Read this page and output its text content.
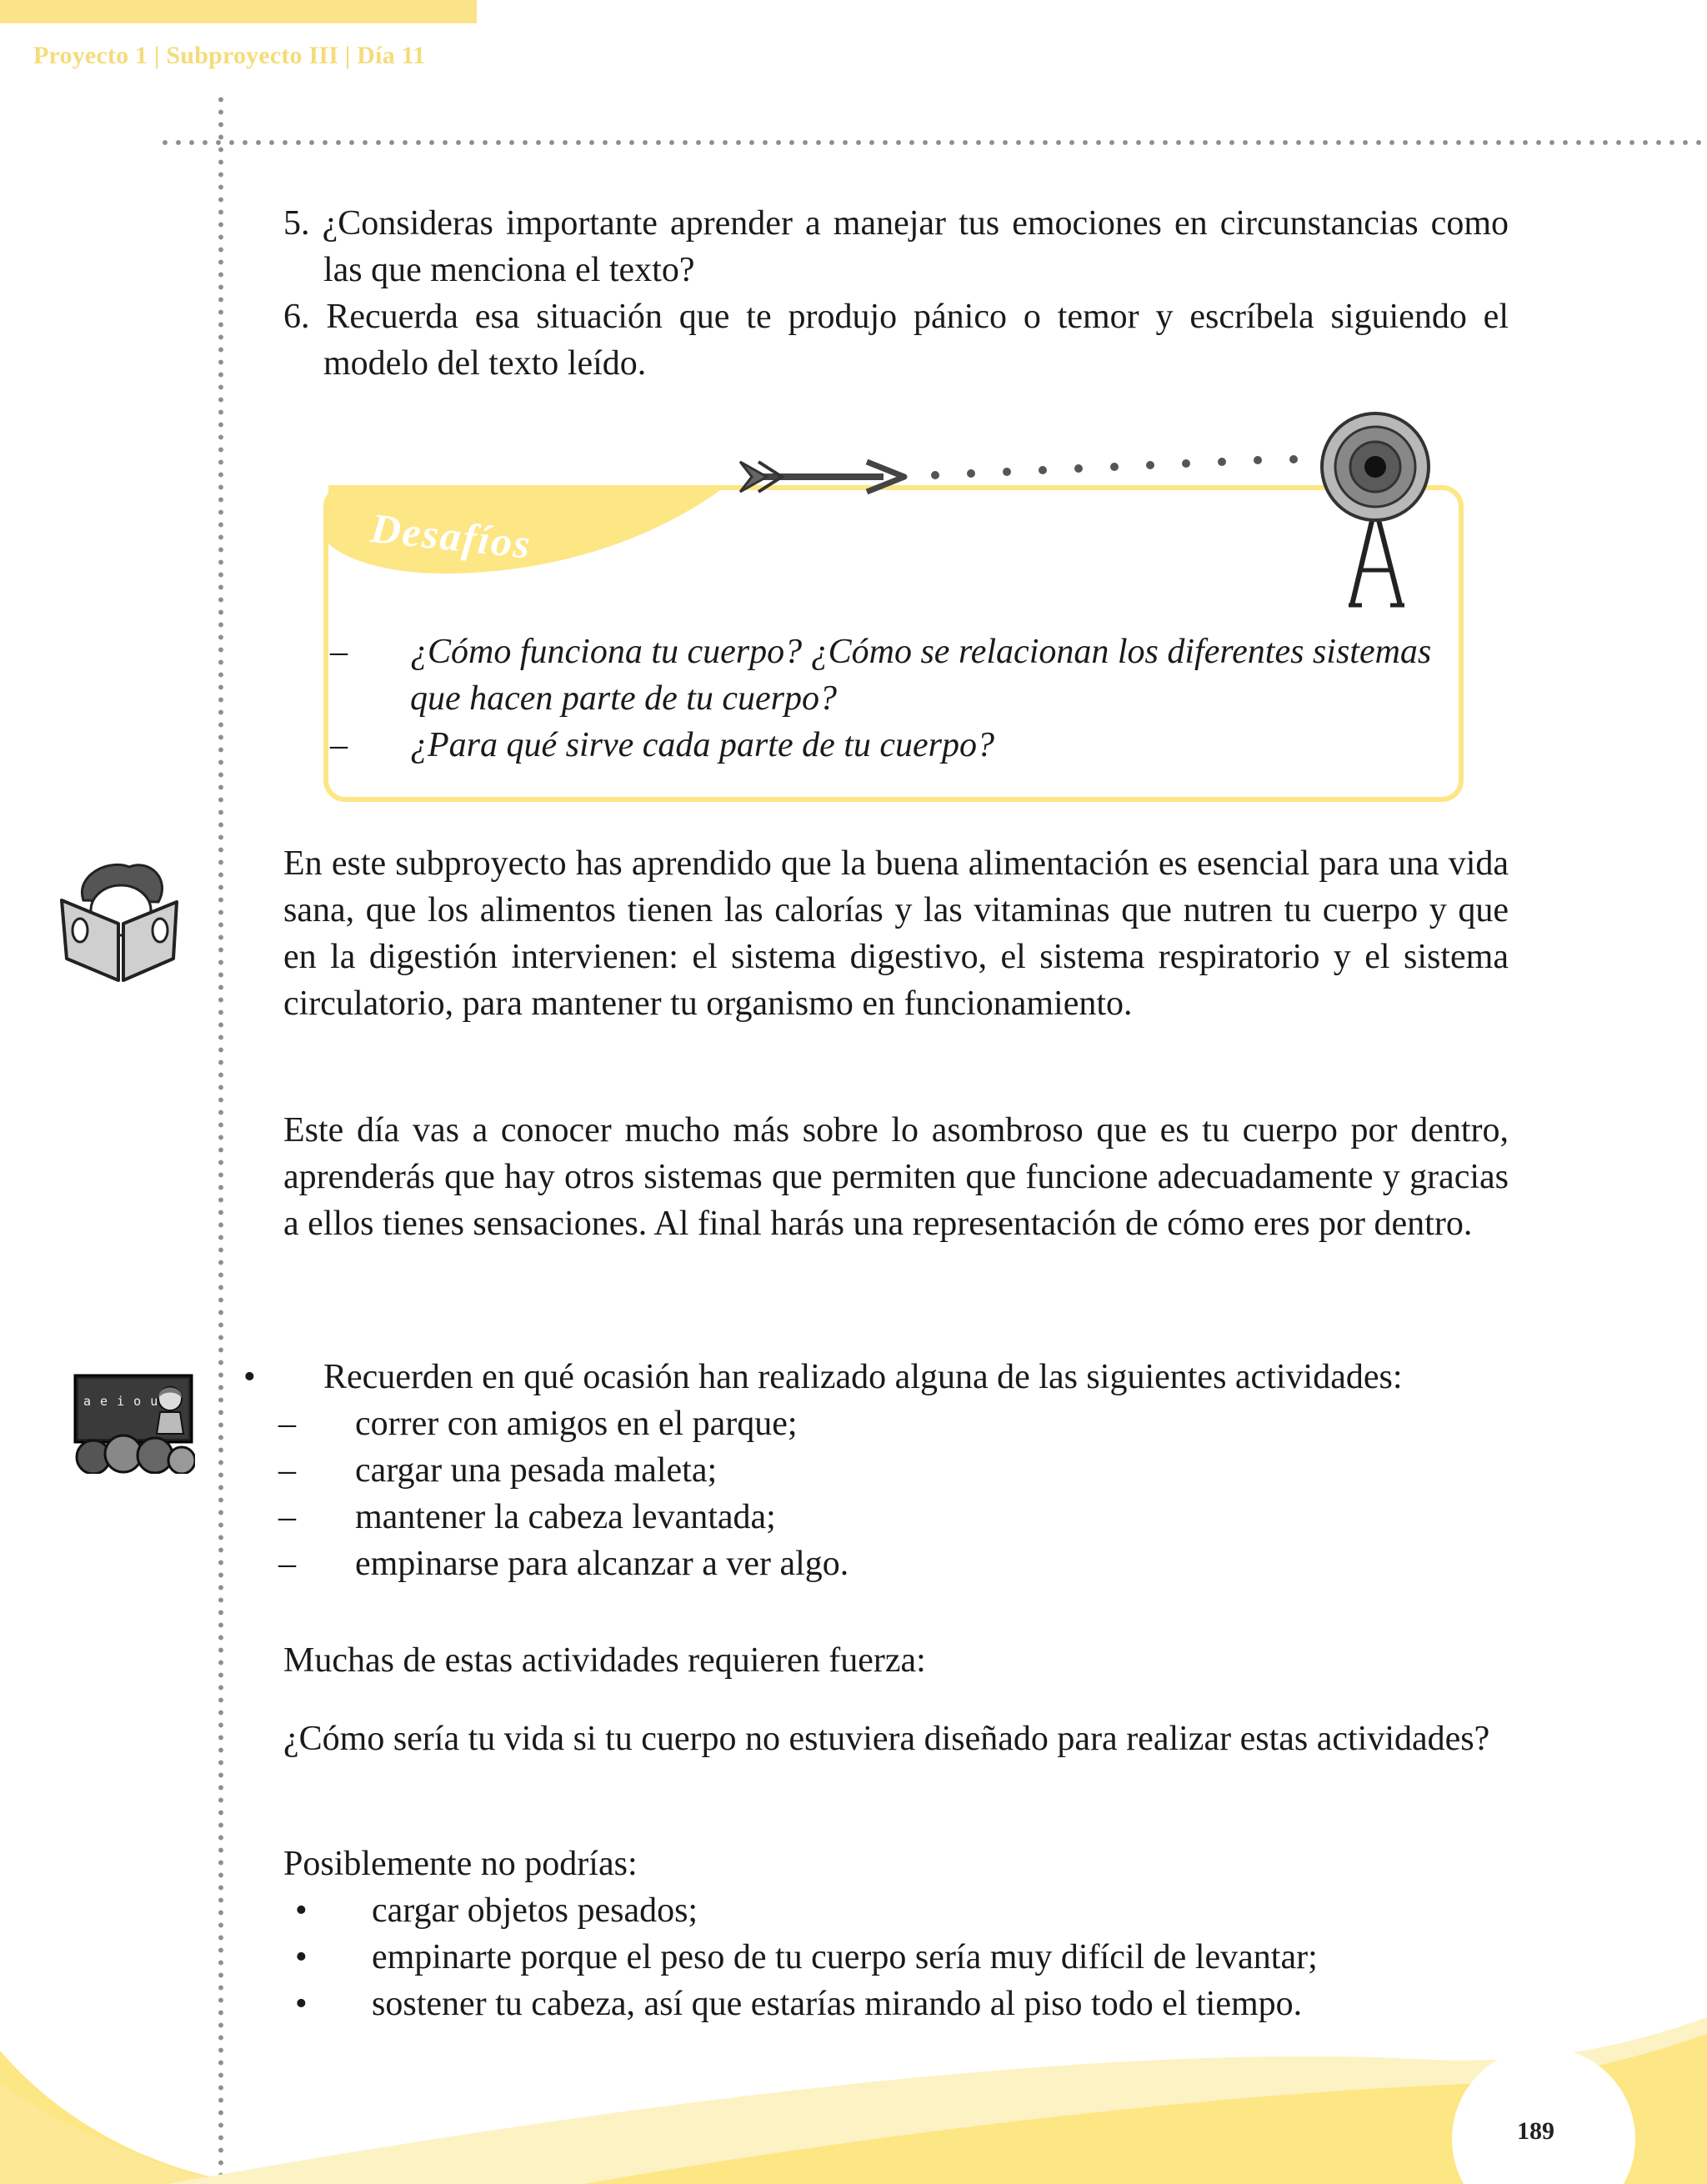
Proyecto 1 | Subproyecto III | Día 11
5. ¿Consideras importante aprender a manejar tus emociones en circunstancias como las que menciona el texto?
6. Recuerda esa situación que te produjo pánico o temor y escríbela siguiendo el modelo del texto leído.
Desafíos
– ¿Cómo funciona tu cuerpo? ¿Cómo se relacionan los diferentes sistemas que hacen parte de tu cuerpo?
– ¿Para qué sirve cada parte de tu cuerpo?
En este subproyecto has aprendido que la buena alimentación es esencial para una vida sana, que los alimentos tienen las calorías y las vitaminas que nutren tu cuerpo y que en la digestión intervienen: el sistema digestivo, el sistema respiratorio y el sistema circulatorio, para mantener tu organismo en funcionamiento.
Este día vas a conocer mucho más sobre lo asombroso que es tu cuerpo por dentro, aprenderás que hay otros sistemas que permiten que funcione adecuadamente y gracias a ellos tienes sensaciones. Al final harás una representación de cómo eres por dentro.
a e i o u
• Recuerden en qué ocasión han realizado alguna de las siguientes actividades:
– correr con amigos en el parque;
– cargar una pesada maleta;
– mantener la cabeza levantada;
– empinarse para alcanzar a ver algo.
Muchas de estas actividades requieren fuerza:
¿Cómo sería tu vida si tu cuerpo no estuviera diseñado para realizar estas actividades?
Posiblemente no podrías:
• cargar objetos pesados;
• empinarte porque el peso de tu cuerpo sería muy difícil de levantar;
• sostener tu cabeza, así que estarías mirando al piso todo el tiempo.
189
